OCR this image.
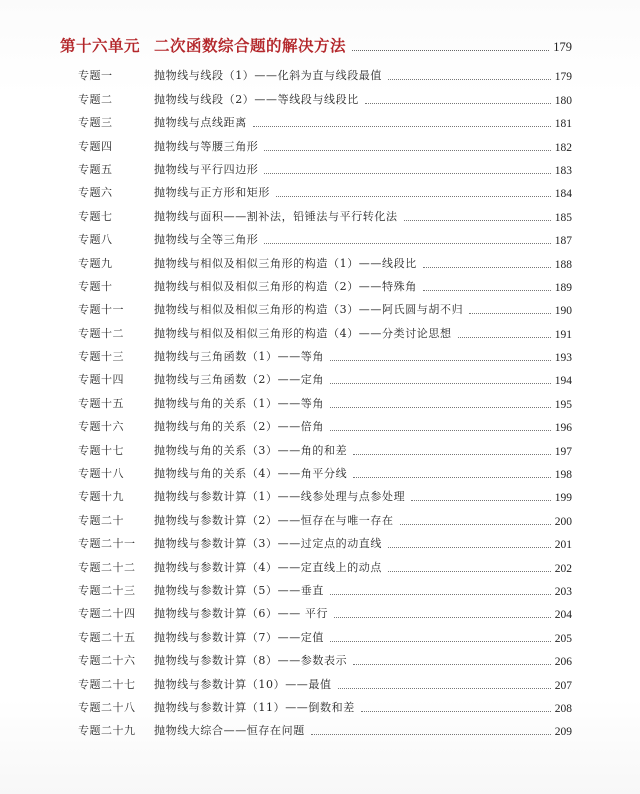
第十六单元 二次函数综合题的解决方法	179
专题一	抛物线与线段（1）——化斜为直与线段最值	179
专题二	抛物线与线段（2）——等线段与线段比	180
专题三	抛物线与点线距离	181
专题四	抛物线与等腰三角形	182
专题五	抛物线与平行四边形	183
专题六	抛物线与正方形和矩形	184
专题七	抛物线与面积——割补法，铅锤法与平行转化法	185
专题八	抛物线与全等三角形	187
专题九	抛物线与相似及相似三角形的构造（1）——线段比	188
专题十	抛物线与相似及相似三角形的构造（2）——特殊角	189
专题十一	抛物线与相似及相似三角形的构造（3）——阿氏圆与胡不归	190
专题十二	抛物线与相似及相似三角形的构造（4）——分类讨论思想	191
专题十三	抛物线与三角函数（1）——等角	193
专题十四	抛物线与三角函数（2）——定角	194
专题十五	抛物线与角的关系（1）——等角	195
专题十六	抛物线与角的关系（2）——倍角	196
专题十七	抛物线与角的关系（3）——角的和差	197
专题十八	抛物线与角的关系（4）——角平分线	198
专题十九	抛物线与参数计算（1）——线参处理与点参处理	199
专题二十	抛物线与参数计算（2）——恒存在与唯一存在	200
专题二十一	抛物线与参数计算（3）——过定点的动直线	201
专题二十二	抛物线与参数计算（4）——定直线上的动点	202
专题二十三	抛物线与参数计算（5）——垂直	203
专题二十四	抛物线与参数计算（6）—— 平行	204
专题二十五	抛物线与参数计算（7）——定值	205
专题二十六	抛物线与参数计算（8）——参数表示	206
专题二十七	抛物线与参数计算（10）——最值	207
专题二十八	抛物线与参数计算（11）——倒数和差	208
专题二十九	抛物线大综合——恒存在问题	209
